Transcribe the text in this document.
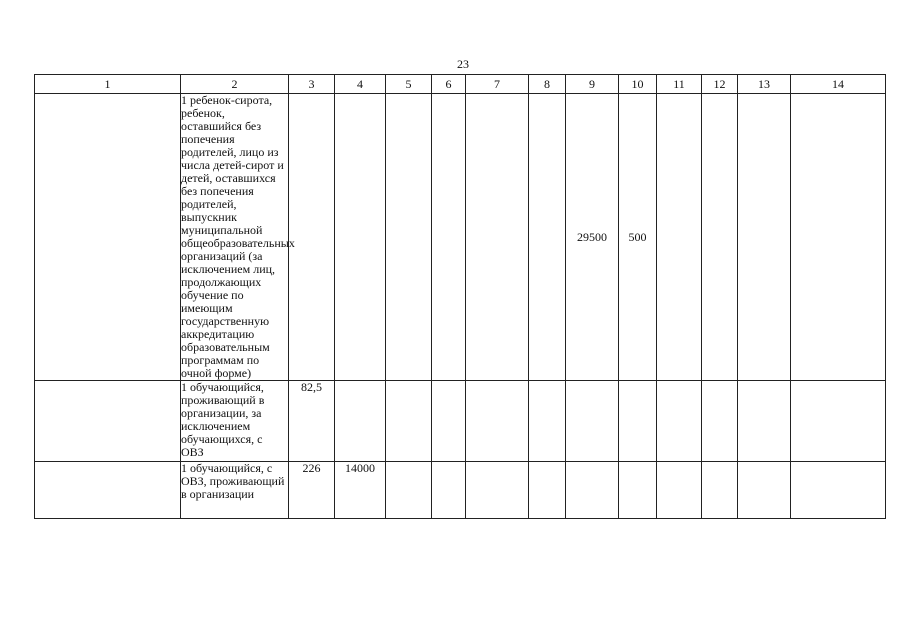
23
1	2	3	4	5	6	7	8	9	10	11	12	13	14
	1 ребенок-сирота, ребенок, оставшийся без попечения родителей, лицо из числа детей-сирот и детей, оставшихся без попечения родителей, выпускник муниципальной общеобразовательных организаций (за исключением лиц, продолжающих обучение по имеющим государственную аккредитацию образовательным программам по очной форме)							29500	500				
	1 обучающийся, проживающий в организации, за исключением обучающихся, с ОВЗ	82,5											
	1 обучающийся, с ОВЗ, проживающий в организации	226	14000										
